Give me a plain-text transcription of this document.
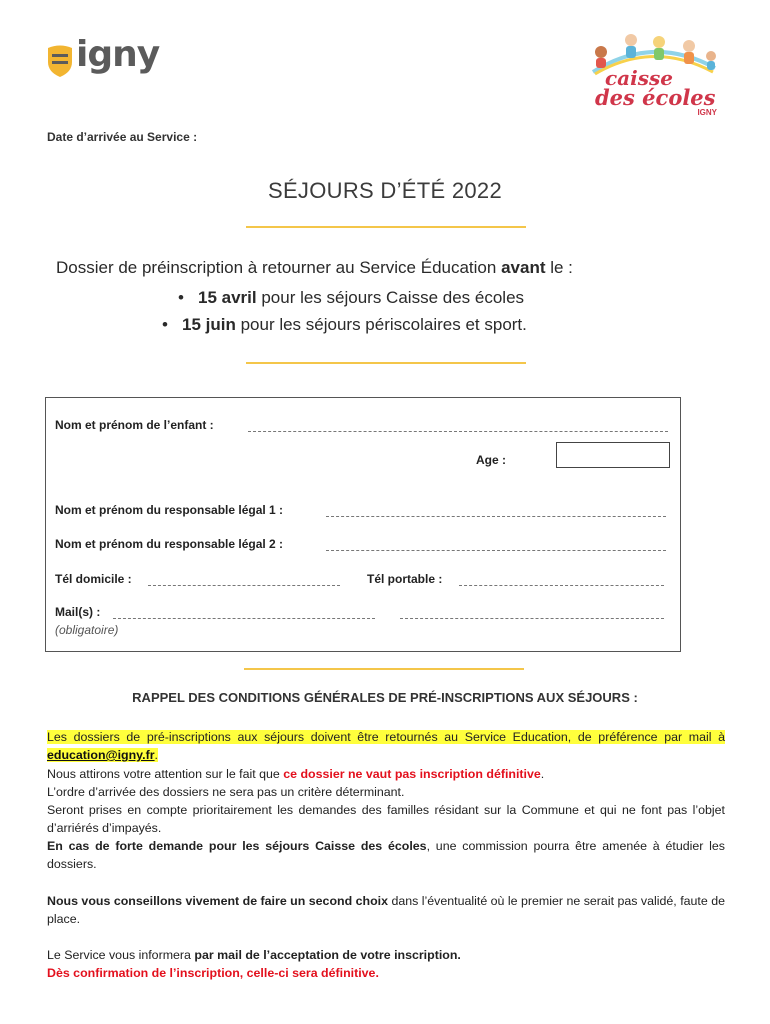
igny
caisse
des écoles
IGNY
Date d’arrivée au Service :
SÉJOURS D’ÉTÉ 2022
Dossier de préinscription à retourner au Service Éducation avant le :
• 15 avril pour les séjours Caisse des écoles
• 15 juin pour les séjours périscolaires et sport.
Nom et prénom de l’enfant :
Age :
Nom et prénom du responsable légal 1 :
Nom et prénom du responsable légal 2 :
Tél domicile :	Tél portable :
Mail(s) :
(obligatoire)
RAPPEL DES CONDITIONS GÉNÉRALES DE PRÉ-INSCRIPTIONS AUX SÉJOURS :
Les dossiers de pré-inscriptions aux séjours doivent être retournés au Service Education, de préférence par mail à education@igny.fr.
Nous attirons votre attention sur le fait que ce dossier ne vaut pas inscription définitive.
L’ordre d’arrivée des dossiers ne sera pas un critère déterminant.
Seront prises en compte prioritairement les demandes des familles résidant sur la Commune et qui ne font pas l’objet d’arriérés d’impayés.
En cas de forte demande pour les séjours Caisse des écoles, une commission pourra être amenée à étudier les dossiers.
Nous vous conseillons vivement de faire un second choix dans l’éventualité où le premier ne serait pas validé, faute de place.
Le Service vous informera par mail de l’acceptation de votre inscription.
Dès confirmation de l’inscription, celle-ci sera définitive.
